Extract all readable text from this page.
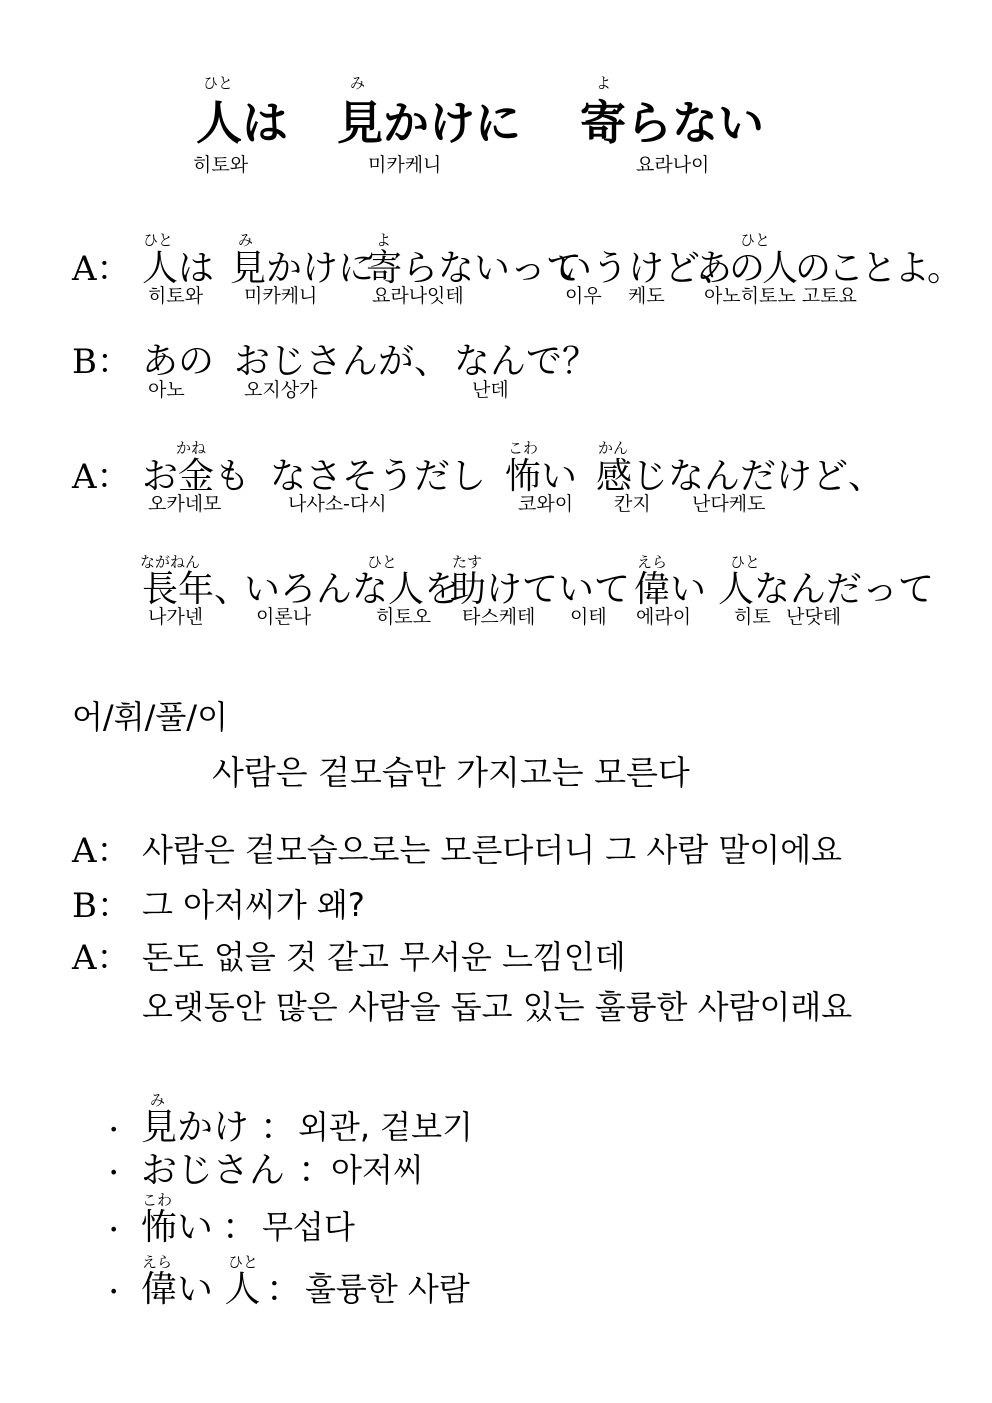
ひと	み	よ
人は 見かけに 寄らない
히토와	미카케니	요라나이
ひと	み	よ	ひと
A： 人は 見かけに
寄らないって
いうけど、
あの人のことよ。
히토와 미카케니	요라나잇테	이우 케도 아노히토노 고토요
B： あの おじさんが、 なんで？
아노	오지상가	난데
かね	こわ	かん
A： お金も なさそうだし 怖い 感じなんだけど、
오카네모	나사소-다시	코와이 칸지 난다케도
ながねん	ひと	たす	えら	ひと
長年、
いろんな人を
助けていて 偉い 人なんだって
나가넨	이론나	히토오 타스케테 이테 에라이 히토 난닷테
어/휘/풀/이
사람은 겉모습만 가지고는 모른다
A： 사람은 겉모습으로는 모른다더니 그 사람 말이에요
B： 그 아저씨가 왜?
A： 돈도 없을 것 같고 무서운 느낌인데
오랫동안 많은 사람을 돕고 있는 훌륭한 사람이래요
み
· 見かけ ： 외관, 겉보기
· おじさん ：
아저씨
こわ
· 怖い ： 무섭다
えら	ひと
· 偉い 人 ： 훌륭한 사람
